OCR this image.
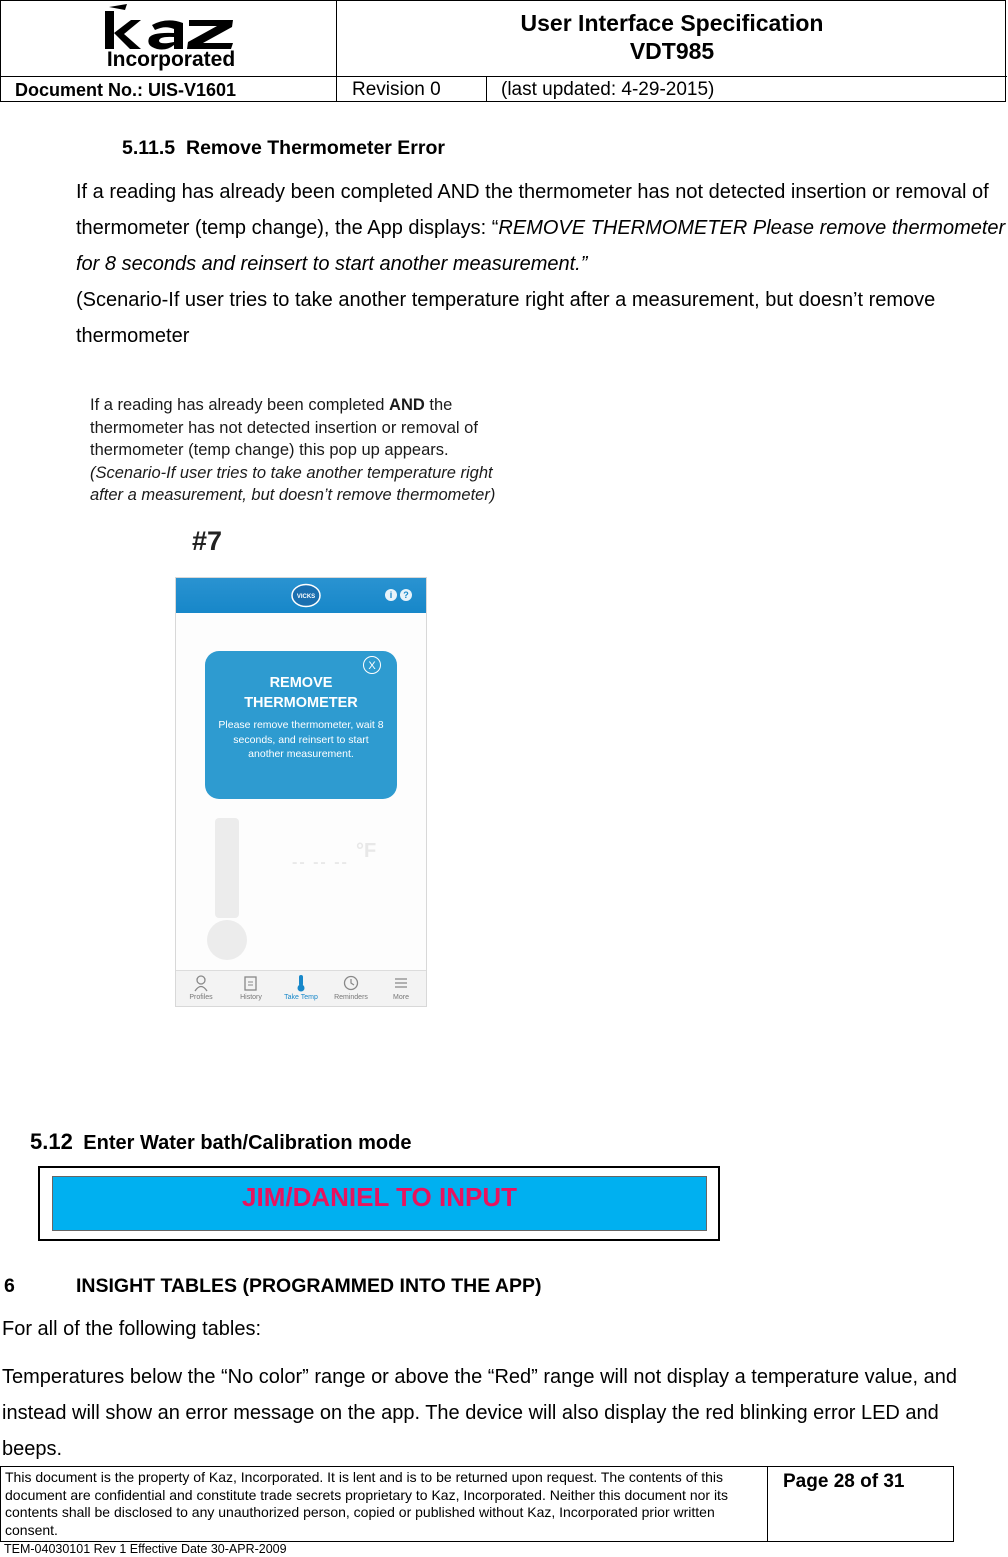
Incorporated
User Interface Specification
VDT985
Document No.: UIS-V1601	Revision 0	(last updated: 4-29-2015)
5.11.5 Remove Thermometer Error
If a reading has already been completed AND the thermometer has not detected insertion or removal of thermometer (temp change), the App displays: “REMOVE THERMOMETER Please remove thermometer for 8 seconds and reinsert to start another measurement.”
(Scenario-If user tries to take another temperature right after a measurement, but doesn’t remove thermometer
If a reading has already been completed AND the thermometer has not detected insertion or removal of thermometer (temp change) this pop up appears.
(Scenario-If user tries to take another temperature right after a measurement, but doesn’t remove thermometer)
#7
VICKS	i	?
X
REMOVE
THERMOMETER
Please remove thermometer, wait 8 seconds, and reinsert to start another measurement.
-- -- --
°F
Profiles	History	Take Temp	Reminders	More
5.12 Enter Water bath/Calibration mode
JIM/DANIEL TO INPUT
6	INSIGHT TABLES (PROGRAMMED INTO THE APP)
For all of the following tables:
Temperatures below the “No color” range or above the “Red” range will not display a temperature value, and instead will show an error message on the app. The device will also display the red blinking error LED and beeps.
This document is the property of Kaz, Incorporated. It is lent and is to be returned upon request. The contents of this document are confidential and constitute trade secrets proprietary to Kaz, Incorporated. Neither this document nor its contents shall be disclosed to any unauthorized person, copied or published without Kaz, Incorporated prior written consent.
Page 28 of 31
TEM-04030101 Rev 1 Effective Date 30-APR-2009
